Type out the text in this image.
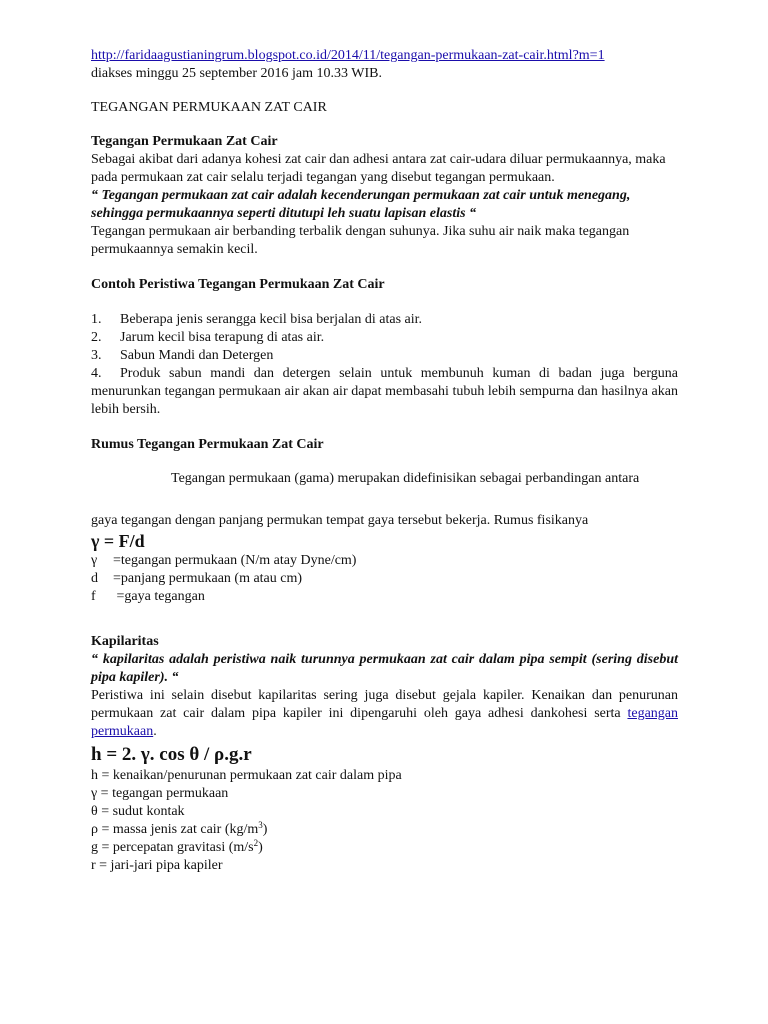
http://faridaagustianingrum.blogspot.co.id/2014/11/tegangan-permukaan-zat-cair.html?m=1

diakses minggu 25 september 2016 jam 10.33 WIB.

TEGANGAN PERMUKAAN ZAT CAIR

Tegangan Permukaan Zat Cair

Sebagai akibat dari adanya kohesi zat cair dan adhesi antara zat cair-udara diluar permukaannya, maka pada permukaan zat cair selalu terjadi tegangan yang disebut tegangan permukaan.

“ Tegangan permukaan zat cair adalah kecenderungan permukaan zat cair untuk menegang, sehingga permukaannya seperti ditutupi leh suatu lapisan elastis “

Tegangan permukaan air berbanding terbalik dengan suhunya. Jika suhu air naik maka tegangan permukaannya semakin kecil.

Contoh Peristiwa Tegangan Permukaan Zat Cair

1.	Beberapa jenis serangga kecil bisa berjalan di atas air.
2.	Jarum kecil bisa terapung di atas air.
3.	Sabun Mandi dan Detergen

4. Produk sabun mandi dan detergen selain untuk membunuh kuman di badan juga berguna menurunkan tegangan permukaan air akan air dapat membasahi tubuh lebih sempurna dan hasilnya akan lebih bersih.

Rumus Tegangan Permukaan Zat Cair

Tegangan permukaan (gama) merupakan didefinisikan sebagai perbandingan antara

gaya tegangan dengan panjang permukan tempat gaya tersebut bekerja. Rumus fisikanya

γ = F/d

γ	=tegangan permukaan (N/m atay Dyne/cm)
d	=panjang permukaan (m atau cm)
f	=gaya tegangan

Kapilaritas

“ kapilaritas adalah peristiwa naik turunnya permukaan zat cair dalam pipa sempit (sering disebut pipa kapiler). “

Peristiwa ini selain disebut kapilaritas sering juga disebut gejala kapiler. Kenaikan dan penurunan permukaan zat cair dalam pipa kapiler ini dipengaruhi oleh gaya adhesi dankohesi serta tegangan permukaan.

h = 2. γ. cos θ / ρ.g.r

h = kenaikan/penurunan permukaan zat cair dalam pipa

γ = tegangan permukaan

θ = sudut kontak

ρ = massa jenis zat cair $(kg/m^3)$

g = percepatan gravitasi $(m/s^2)$

r = jari-jari pipa kapiler
